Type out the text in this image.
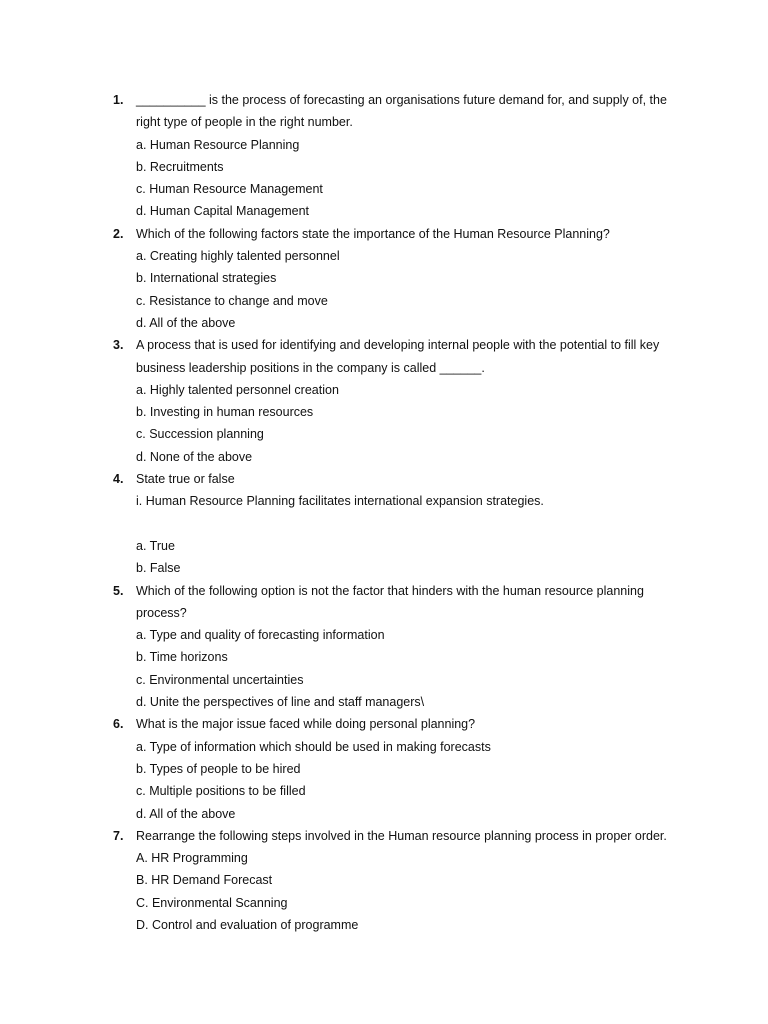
1.	__________ is the process of forecasting an organisations future demand for, and supply of, the
right type of people in the right number.
a. Human Resource Planning
b. Recruitments
c. Human Resource Management
d. Human Capital Management
2.	Which of the following factors state the importance of the Human Resource Planning?
a. Creating highly talented personnel
b. International strategies
c. Resistance to change and move
d. All of the above
3.	A process that is used for identifying and developing internal people with the potential to fill key
business leadership positions in the company is called ______.
a. Highly talented personnel creation
b. Investing in human resources
c. Succession planning
d. None of the above
4.	State true or false
i. Human Resource Planning facilitates international expansion strategies.
a. True
b. False
5.	Which of the following option is not the factor that hinders with the human resource planning
process?
a. Type and quality of forecasting information
b. Time horizons
c. Environmental uncertainties
d. Unite the perspectives of line and staff managers\
6.	What is the major issue faced while doing personal planning?
a. Type of information which should be used in making forecasts
b. Types of people to be hired
c. Multiple positions to be filled
d. All of the above
7.	Rearrange the following steps involved in the Human resource planning process in proper order.
A. HR Programming
B. HR Demand Forecast
C. Environmental Scanning
D. Control and evaluation of programme
